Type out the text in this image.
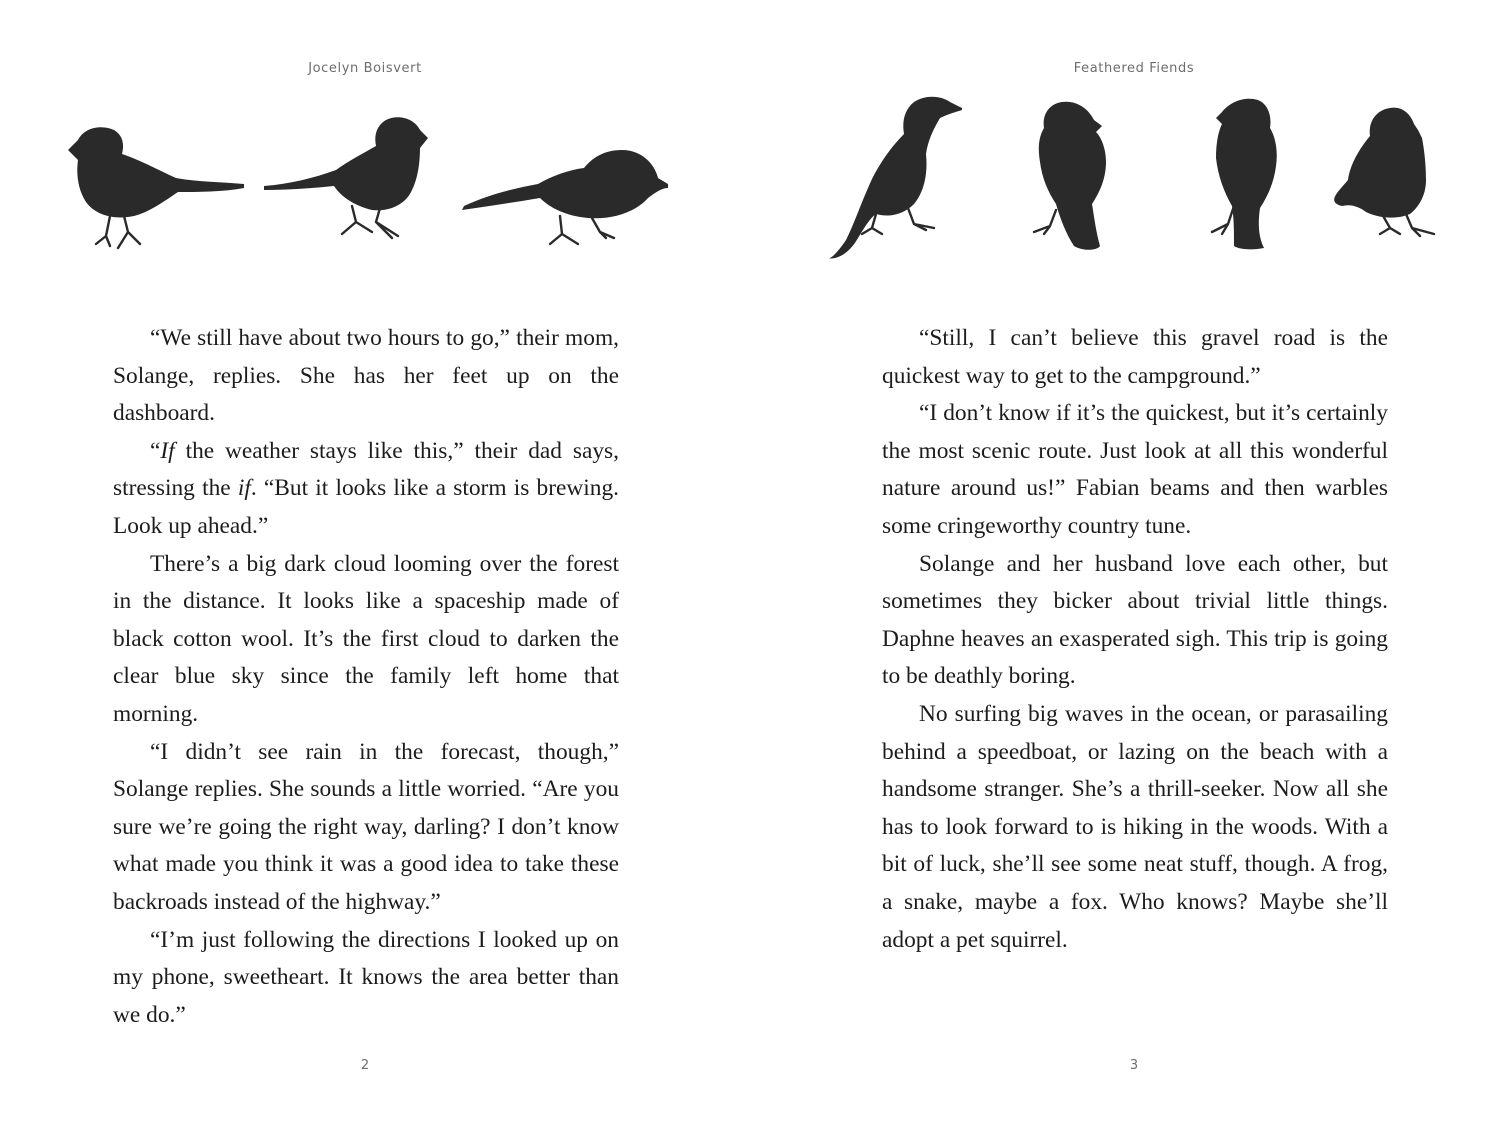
Jocelyn Boisvert

“We still have about two hours to go,” their mom, Solange, replies. She has her feet up on the dashboard.

“If the weather stays like this,” their dad says, stressing the if. “But it looks like a storm is brewing. Look up ahead.”

There’s a big dark cloud looming over the forest in the distance. It looks like a spaceship made of black cotton wool. It’s the first cloud to darken the clear blue sky since the family left home that morning.

“I didn’t see rain in the forecast, though,” Solange replies. She sounds a little worried. “Are you sure we’re going the right way, darling? I don’t know what made you think it was a good idea to take these backroads instead of the highway.”

“I’m just following the directions I looked up on my phone, sweetheart. It knows the area better than we do.”

2
Feathered Fiends

“Still, I can’t believe this gravel road is the quickest way to get to the campground.”

“I don’t know if it’s the quickest, but it’s certainly the most scenic route. Just look at all this wonderful nature around us!” Fabian beams and then warbles some cringeworthy country tune.

Solange and her husband love each other, but sometimes they bicker about trivial little things. Daphne heaves an exasperated sigh. This trip is going to be deathly boring.

No surfing big waves in the ocean, or parasailing behind a speedboat, or lazing on the beach with a handsome stranger. She’s a thrill-seeker. Now all she has to look forward to is hiking in the woods. With a bit of luck, she’ll see some neat stuff, though. A frog, a snake, maybe a fox. Who knows? Maybe she’ll adopt a pet squirrel.

3
